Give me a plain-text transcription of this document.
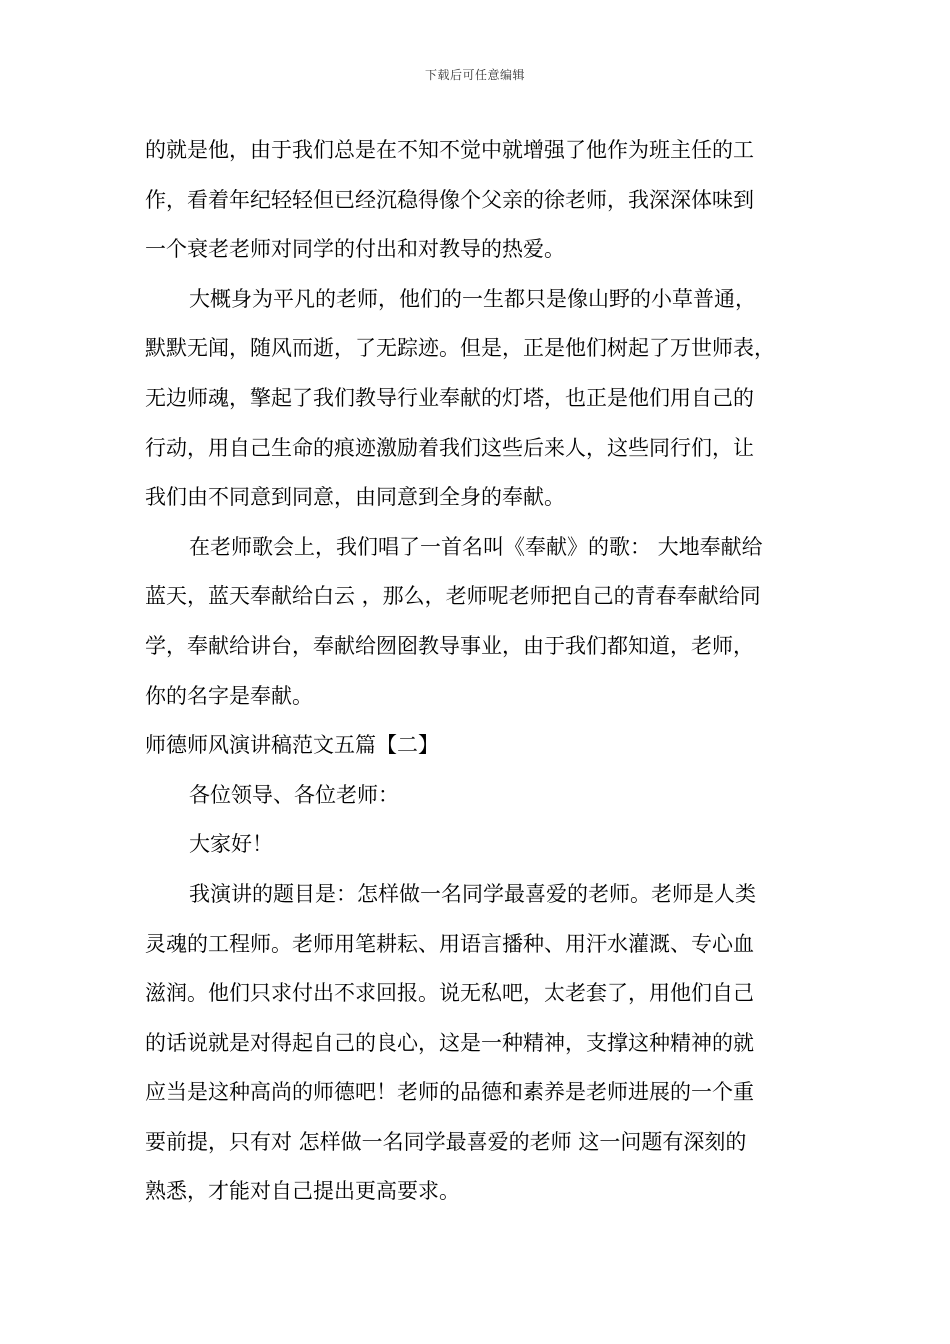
下载后可任意编辑
的就是他，由于我们总是在不知不觉中就增强了他作为班主任的工
作，看着年纪轻轻但已经沉稳得像个父亲的徐老师，我深深体味到
一个衰老老师对同学的付出和对教导的热爱。
大概身为平凡的老师，他们的一生都只是像山野的小草普通，
默默无闻，随风而逝，了无踪迹。但是，正是他们树起了万世师表，
无边师魂，擎起了我们教导行业奉献的灯塔，也正是他们用自己的
行动，用自己生命的痕迹激励着我们这些后来人，这些同行们，让
我们由不同意到同意，由同意到全身的奉献。
在老师歌会上，我们唱了一首名叫《奉献》的歌： 大地奉献给
蓝天，蓝天奉献给白云 ，那么，老师呢老师把自己的青春奉献给同
学，奉献给讲台，奉献给囫囵教导事业，由于我们都知道，老师，
你的名字是奉献。
师德师风演讲稿范文五篇【二】
各位领导、各位老师：
大家好！
我演讲的题目是：怎样做一名同学最喜爱的老师。老师是人类
灵魂的工程师。老师用笔耕耘、用语言播种、用汗水灌溉、专心血
滋润。他们只求付出不求回报。说无私吧，太老套了，用他们自己
的话说就是对得起自己的良心，这是一种精神，支撑这种精神的就
应当是这种高尚的师德吧！老师的品德和素养是老师进展的一个重
要前提，只有对 怎样做一名同学最喜爱的老师 这一问题有深刻的
熟悉，才能对自己提出更高要求。
